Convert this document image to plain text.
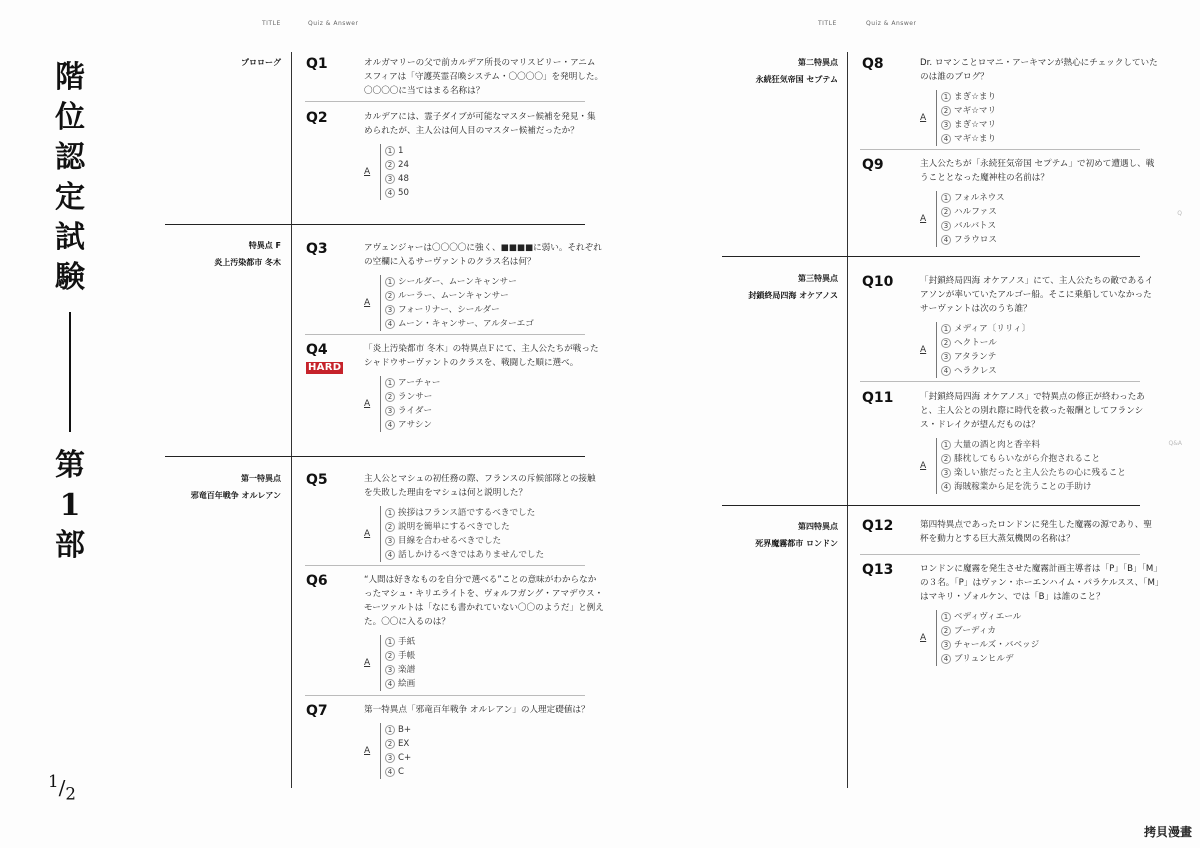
TITLE	Quiz & Answer	TITLE	Quiz & Answer
階
位
認
定
試
験
第
1
部
$^1/_2$
プロローグ
特異点 F
炎上汚染都市 冬木
第一特異点
邪竜百年戦争 オルレアン
第二特異点
永続狂気帝国 セプテム
第三特異点
封鎖終局四海 オケアノス
第四特異点
死界魔霧都市 ロンドン
Q1	オルガマリーの父で前カルデア所長のマリスビリー・アニムスフィアは「守護英霊召喚システム・〇〇〇〇」を発明した。〇〇〇〇に当てはまる名称は？
Q2	カルデアには、霊子ダイブが可能なマスター候補を発見・集められたが、主人公は何人目のマスター候補だったか？
A
1 1
2 24
3 48
4 50
Q3	アヴェンジャーは〇〇〇〇に強く、■■■■に弱い。それぞれの空欄に入るサーヴァントのクラス名は何？
A
1 シールダー、ムーンキャンサー
2 ルーラー、ムーンキャンサー
3 フォーリナー、シールダー
4 ムーン・キャンサー、アルターエゴ
Q4
HARD
「炎上汚染都市 冬木」の特異点Ｆにて、主人公たちが戦ったシャドウサーヴァントのクラスを、戦闘した順に選べ。
A
1 アーチャー
2 ランサー
3 ライダー
4 アサシン
Q5	主人公とマシュの初任務の際、フランスの斥候部隊との接触を失敗した理由をマシュは何と説明した？
A
1 挨拶はフランス語でするべきでした
2 説明を簡単にするべきでした
3 目線を合わせるべきでした
4 話しかけるべきではありませんでした
Q6	“人間は好きなものを自分で選べる”ことの意味がわからなかったマシュ・キリエライトを、ヴォルフガング・アマデウス・モーツァルトは「なにも書かれていない〇〇のようだ」と例えた。〇〇に入るのは？
A
1 手紙
2 手帳
3 楽譜
4 絵画
Q7	第一特異点「邪竜百年戦争 オルレアン」の人理定礎値は？
A
1 B+
2 EX
3 C+
4 C
Q8	Dr. ロマンことロマニ・アーキマンが熱心にチェックしていたのは誰のブログ？
A
1 まぎ☆まり
2 マギ☆マリ
3 まぎ☆マリ
4 マギ☆まり
Q9	主人公たちが「永続狂気帝国 セプテム」で初めて遭遇し、戦うこととなった魔神柱の名前は？
A
1 フォルネウス
2 ハルファス
3 バルバトス
4 フラウロス
Q10	「封鎖終局四海 オケアノス」にて、主人公たちの敵であるイアソンが率いていたアルゴー船。そこに乗船していなかったサーヴァントは次のうち誰？
A
1 メディア〔リリィ〕
2 ヘクトール
3 アタランテ
4 ヘラクレス
Q11	「封鎖終局四海 オケアノス」で特異点の修正が終わったあと、主人公との別れ際に時代を救った報酬としてフランシス・ドレイクが望んだものは？
A
1 大量の酒と肉と香辛料
2 膝枕してもらいながら介抱されること
3 楽しい旅だったと主人公たちの心に残ること
4 海賊稼業から足を洗うことの手助け
Q12	第四特異点であったロンドンに発生した魔霧の源であり、聖杯を動力とする巨大蒸気機関の名称は？
Q13	ロンドンに魔霧を発生させた魔霧計画主導者は「P」「B」「M」の３名。「P」はヴァン・ホーエンハイム・パラケルスス、「M」はマキリ・ゾォルケン、では「B」は誰のこと？
A
1 ベディヴィエール
2 ブーディカ
3 チャールズ・バベッジ
4 ブリュンヒルデ
Q
Q&A
拷貝漫畫
